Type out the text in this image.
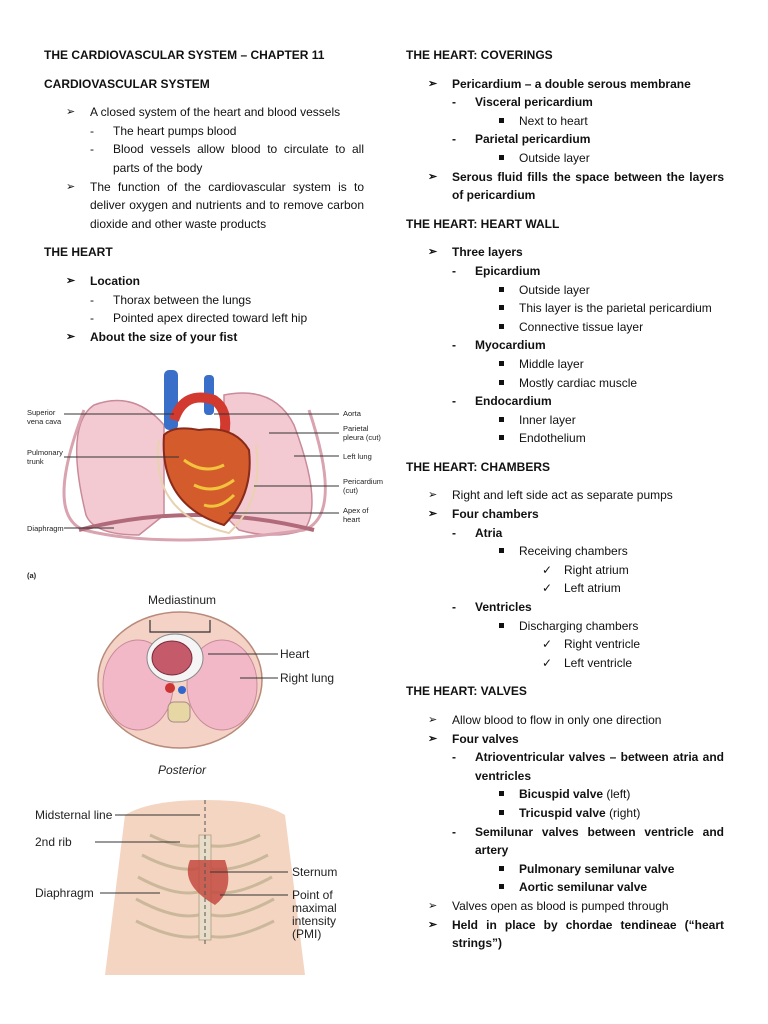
THE CARDIOVASCULAR SYSTEM – CHAPTER 11

CARDIOVASCULAR SYSTEM

➢ A closed system of the heart and blood vessels
- The heart pumps blood
- Blood vessels allow blood to circulate to all parts of the body
➢ The function of the cardiovascular system is to deliver oxygen and nutrients and to remove carbon dioxide and other waste products

THE HEART

➢ Location
- Thorax between the lungs
- Pointed apex directed toward left hip
➢ About the size of your fist
Superior
vena cava
Pulmonary
trunk
Diaphragm
Aorta
Parietal
pleura (cut)
Left lung
Pericardium
(cut)
Apex of
heart
(a)
Mediastinum
Heart
Right lung
Posterior
Midsternal line
2nd rib
Diaphragm
Sternum
Point of
maximal
intensity
(PMI)

THE HEART: COVERINGS

➢ Pericardium – a double serous membrane
- Visceral pericardium
Next to heart
- Parietal pericardium
Outside layer
➢ Serous fluid fills the space between the layers of pericardium

THE HEART: HEART WALL

➢ Three layers
- Epicardium
Outside layer
This layer is the parietal pericardium
Connective tissue layer
- Myocardium
Middle layer
Mostly cardiac muscle
- Endocardium
Inner layer
Endothelium

THE HEART: CHAMBERS

➢ Right and left side act as separate pumps
➢ Four chambers
- Atria
Receiving chambers
✓ Right atrium
✓ Left atrium
- Ventricles
Discharging chambers
✓ Right ventricle
✓ Left ventricle

THE HEART: VALVES

➢ Allow blood to flow in only one direction
➢ Four valves
- Atrioventricular valves – between atria and ventricles
Bicuspid valve (left)
Tricuspid valve (right)
- Semilunar valves between ventricle and artery
Pulmonary semilunar valve
Aortic semilunar valve
➢ Valves open as blood is pumped through
➢ Held in place by chordae tendineae (“heart strings”)
